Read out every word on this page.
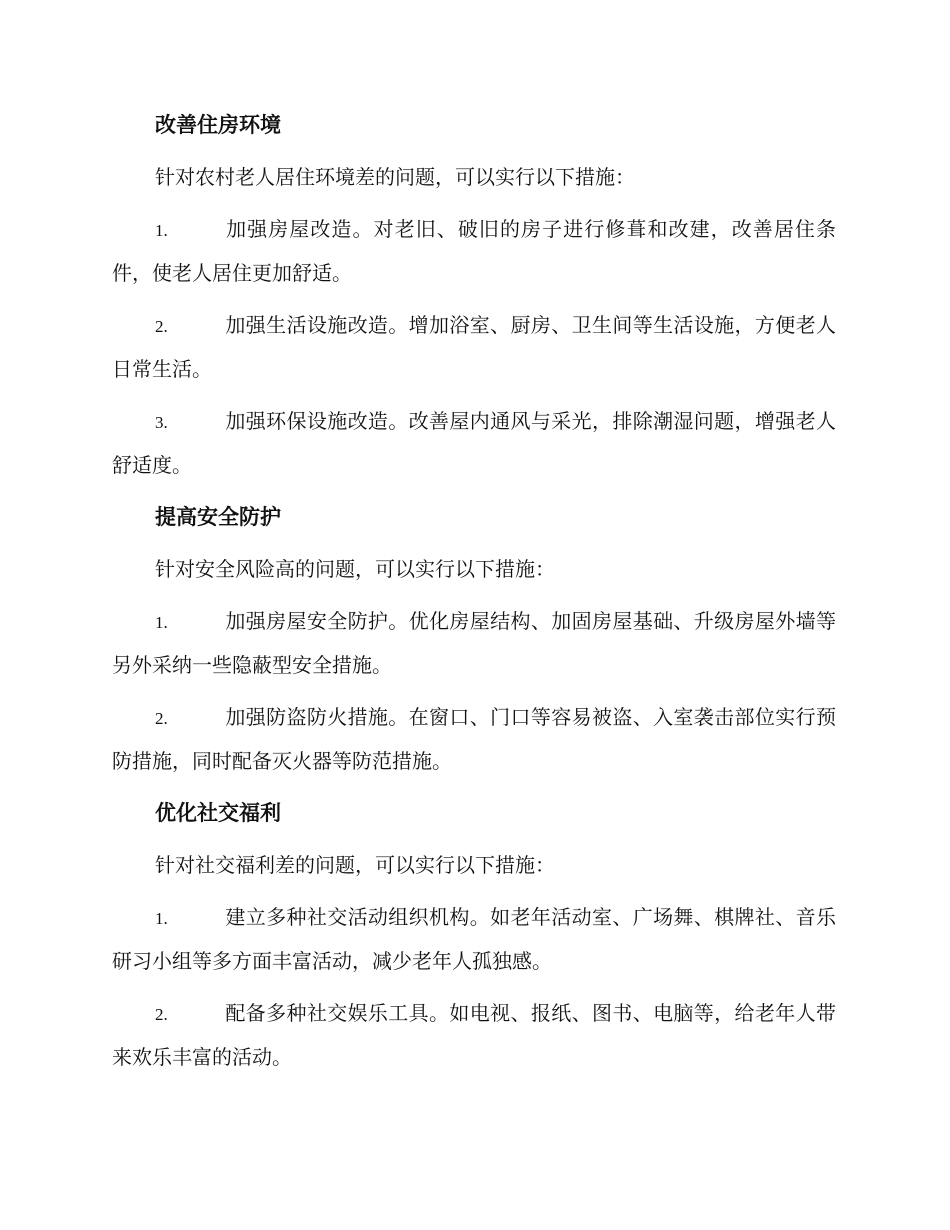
改善住房环境

针对农村老人居住环境差的问题，可以实行以下措施：

1.	加强房屋改造。对老旧、破旧的房子进行修葺和改建，改善居住条件，使老人居住更加舒适。

2.	加强生活设施改造。增加浴室、厨房、卫生间等生活设施，方便老人日常生活。

3.	加强环保设施改造。改善屋内通风与采光，排除潮湿问题，增强老人舒适度。

提高安全防护

针对安全风险高的问题，可以实行以下措施：

1.	加强房屋安全防护。优化房屋结构、加固房屋基础、升级房屋外墙等另外采纳一些隐蔽型安全措施。

2.	加强防盗防火措施。在窗口、门口等容易被盗、入室袭击部位实行预防措施，同时配备灭火器等防范措施。

优化社交福利

针对社交福利差的问题，可以实行以下措施：

1.	建立多种社交活动组织机构。如老年活动室、广场舞、棋牌社、音乐研习小组等多方面丰富活动，减少老年人孤独感。

2.	配备多种社交娱乐工具。如电视、报纸、图书、电脑等，给老年人带来欢乐丰富的活动。
